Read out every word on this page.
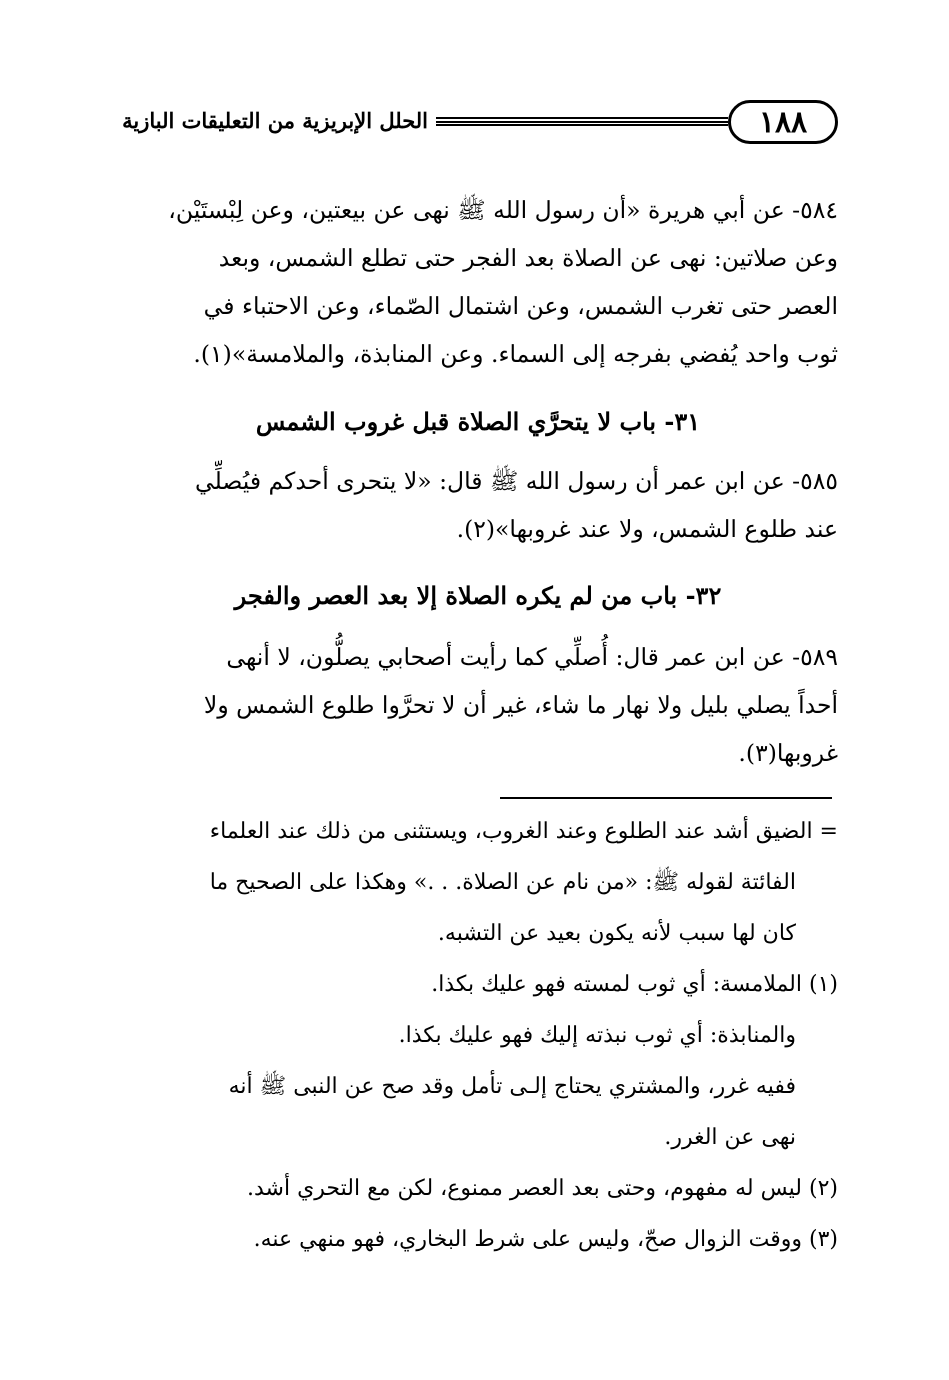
١٨٨
الحلل الإبريزية من التعليقات البازية

٥٨٤- عن أبي هريرة «أن رسول الله ﷺ نهى عن بيعتين، وعن لِبْستَيْن،

وعن صلاتين: نهى عن الصلاة بعد الفجر حتى تطلع الشمس، وبعد

العصر حتى تغرب الشمس، وعن اشتمال الصّماء، وعن الاحتباء في

ثوب واحد يُفضي بفرجه إلى السماء. وعن المنابذة، والملامسة»(١).

٣١- باب لا يتحرَّي الصلاة قبل غروب الشمس

٥٨٥- عن ابن عمر أن رسول الله ﷺ قال: «لا يتحرى أحدكم فيُصلِّي

عند طلوع الشمس، ولا عند غروبها»(٢).

٣٢- باب من لم يكره الصلاة إلا بعد العصر والفجر

٥٨٩- عن ابن عمر قال: أُصلِّي كما رأيت أصحابي يصلُّون، لا أنهى

أحداً يصلي بليل ولا نهار ما شاء، غير أن لا تحرَّوا طلوع الشمس ولا

غروبها(٣).

= الضيق أشد عند الطلوع وعند الغروب، ويستثنى من ذلك عند العلماء

الفائتة لقوله ﷺ: «من نام عن الصلاة. . .» وهكذا على الصحيح ما

كان لها سبب لأنه يكون بعيد عن التشبه.

(١) الملامسة: أي ثوب لمسته فهو عليك بكذا.

والمنابذة: أي ثوب نبذته إليك فهو عليك بكذا.

ففيه غرر، والمشتري يحتاج إلـى تأمل وقد صح عن النبى ﷺ أنه

نهى عن الغرر.

(٢) ليس له مفهوم، وحتى بعد العصر ممنوع، لكن مع التحري أشد.

(٣) ووقت الزوال صحّ، وليس على شرط البخاري، فهو منهي عنه.
